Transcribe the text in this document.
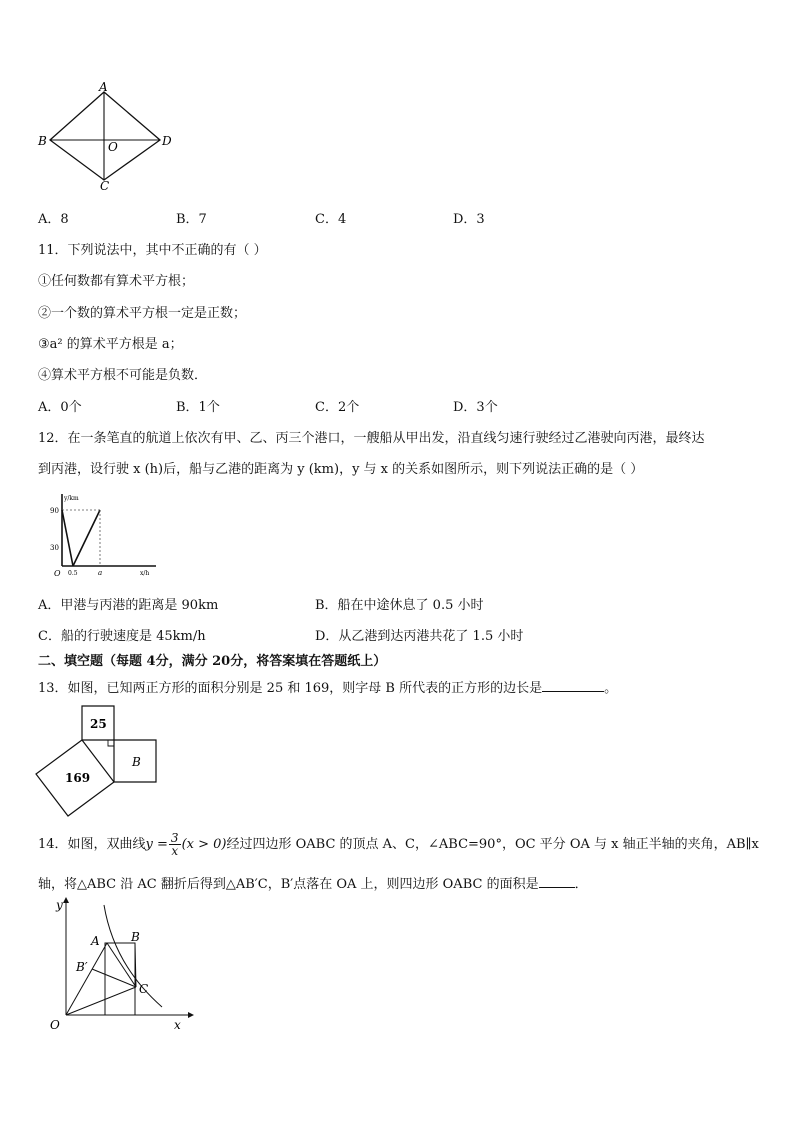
A
B	O	D
C
A．8	B．7	C．4	D．3
11．下列说法中，其中不正确的有（ ）
①任何数都有算术平方根；
②一个数的算术平方根一定是正数；
③a² 的算术平方根是 a；
④算术平方根不可能是负数．
A．0个	B．1个	C．2个	D．3个
12．在一条笔直的航道上依次有甲、乙、丙三个港口，一艘船从甲出发，沿直线匀速行驶经过乙港驶向丙港，最终达
到丙港，设行驶 x (h)后，船与乙港的距离为 y (km)，y 与 x 的关系如图所示，则下列说法正确的是（ ）
y/km
90
30
O 0.5	a	x/h
A．甲港与丙港的距离是 90km	B．船在中途休息了 0.5 小时
C．船的行驶速度是 45km/h	D．从乙港到达丙港共花了 1.5 小时
二、填空题（每题 4分，满分 20分，将答案填在答题纸上）
13．如图，已知两正方形的面积分别是 25 和 169，则字母 B 所代表的正方形的边长是	。
25
169
B
14．如图，双曲线$y = \frac{3}{x} (x > 0)$经过四边形 OABC 的顶点 A、C，∠ABC=90°，OC 平分 OA 与 x 轴正半轴的夹角，AB∥x
轴，将△ABC 沿 AC 翻折后得到△AB′C，B′点落在 OA 上，则四边形 OABC 的面积是	．
y
A	B
B′
C
O	x
